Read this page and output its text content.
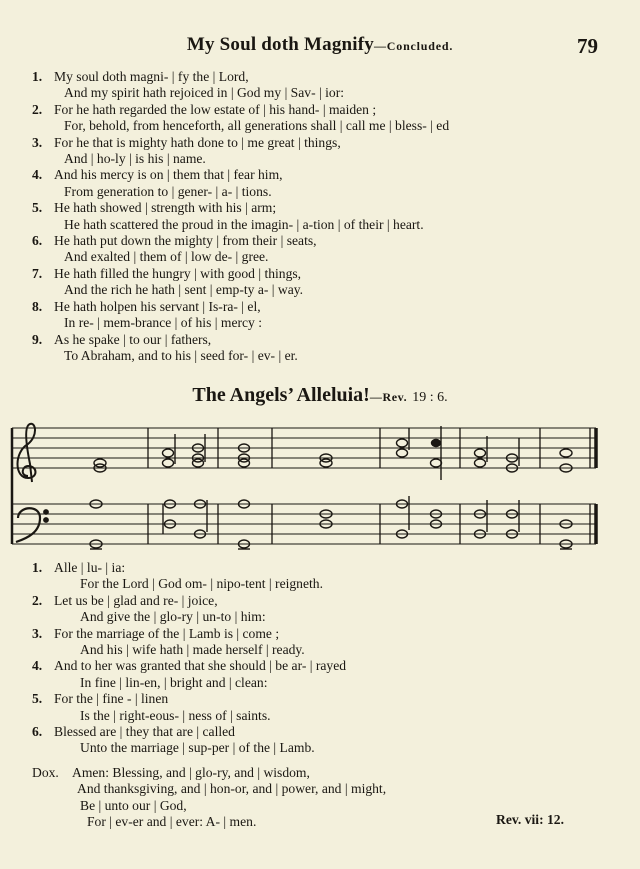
My Soul doth Magnify—Concluded.	79
1. My soul doth magni- | fy the | Lord,
And my spirit hath rejoiced in | God my | Sav- | ior:
2. For he hath regarded the low estate of | his hand- | maiden ;
For, behold, from henceforth, all generations shall | call me | bless- | ed
3. For he that is mighty hath done to | me great | things,
And | ho-ly | is his | name.
4. And his mercy is on | them that | fear him,
From generation to | gener- | a- | tions.
5. He hath showed | strength with his | arm;
He hath scattered the proud in the imagin- | a-tion | of their | heart.
6. He hath put down the mighty | from their | seats,
And exalted | them of | low de- | gree.
7. He hath filled the hungry | with good | things,
And the rich he hath | sent | emp-ty a- | way.
8. He hath holpen his servant | Is-ra- | el,
In re- | mem-brance | of his | mercy :
9. As he spake | to our | fathers,
To Abraham, and to his | seed for- | ev- | er.
The Angels’ Alleluia!—Rev. 19 : 6.
1. Alle | lu- | ia:
For the Lord | God om- | nipo-tent | reigneth.
2. Let us be | glad and re- | joice,
And give the | glo-ry | un-to | him:
3. For the marriage of the | Lamb is | come ;
And his | wife hath | made herself | ready.
4. And to her was granted that she should | be ar- | rayed
In fine | lin-en, | bright and | clean:
5. For the | fine - | linen
Is the | right-eous- | ness of | saints.
6. Blessed are | they that are | called
Unto the marriage | sup-per | of the | Lamb.
Dox. Amen: Blessing, and | glo-ry, and | wisdom,
And thanksgiving, and | hon-or, and | power, and | might,
Be | unto our | God,
For | ev-er and | ever: A- | men.	Rev. vii: 12.
